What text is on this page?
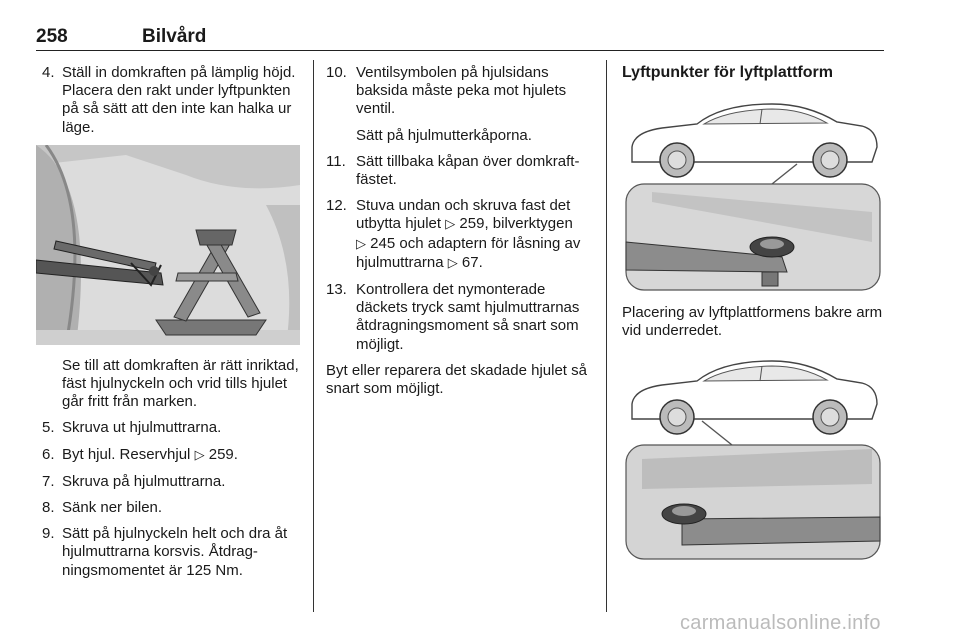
258	Bilvård
4. Ställ in domkraften på lämplig höjd. Placera den rakt under lyftpunkten på så sätt att den inte kan halka ur läge.
Se till att domkraften är rätt inriktad, fäst hjulnyckeln och vrid tills hjulet går fritt från marken.
5. Skruva ut hjulmuttrarna.
6. Byt hjul. Reservhjul ▷ 259.
7. Skruva på hjulmuttrarna.
8. Sänk ner bilen.
9. Sätt på hjulnyckeln helt och dra åt hjulmuttrarna korsvis. Åtdragningsmomentet är 125 Nm.
10. Ventilsymbolen på hjulsidans baksida måste peka mot hjulets ventil.
Sätt på hjulmutterkåporna.
11. Sätt tillbaka kåpan över domkraftfästet.
12. Stuva undan och skruva fast det utbytta hjulet ▷ 259, bilverktygen
▷ 245 och adaptern för låsning av hjulmuttrarna ▷ 67.
13. Kontrollera det nymonterade däckets tryck samt hjulmuttrarnas åtdragningsmoment så snart som möjligt.
Byt eller reparera det skadade hjulet så snart som möjligt.
Lyftpunkter för lyftplattform
Placering av lyftplattformens bakre arm vid underredet.
carmanualsonline.info
